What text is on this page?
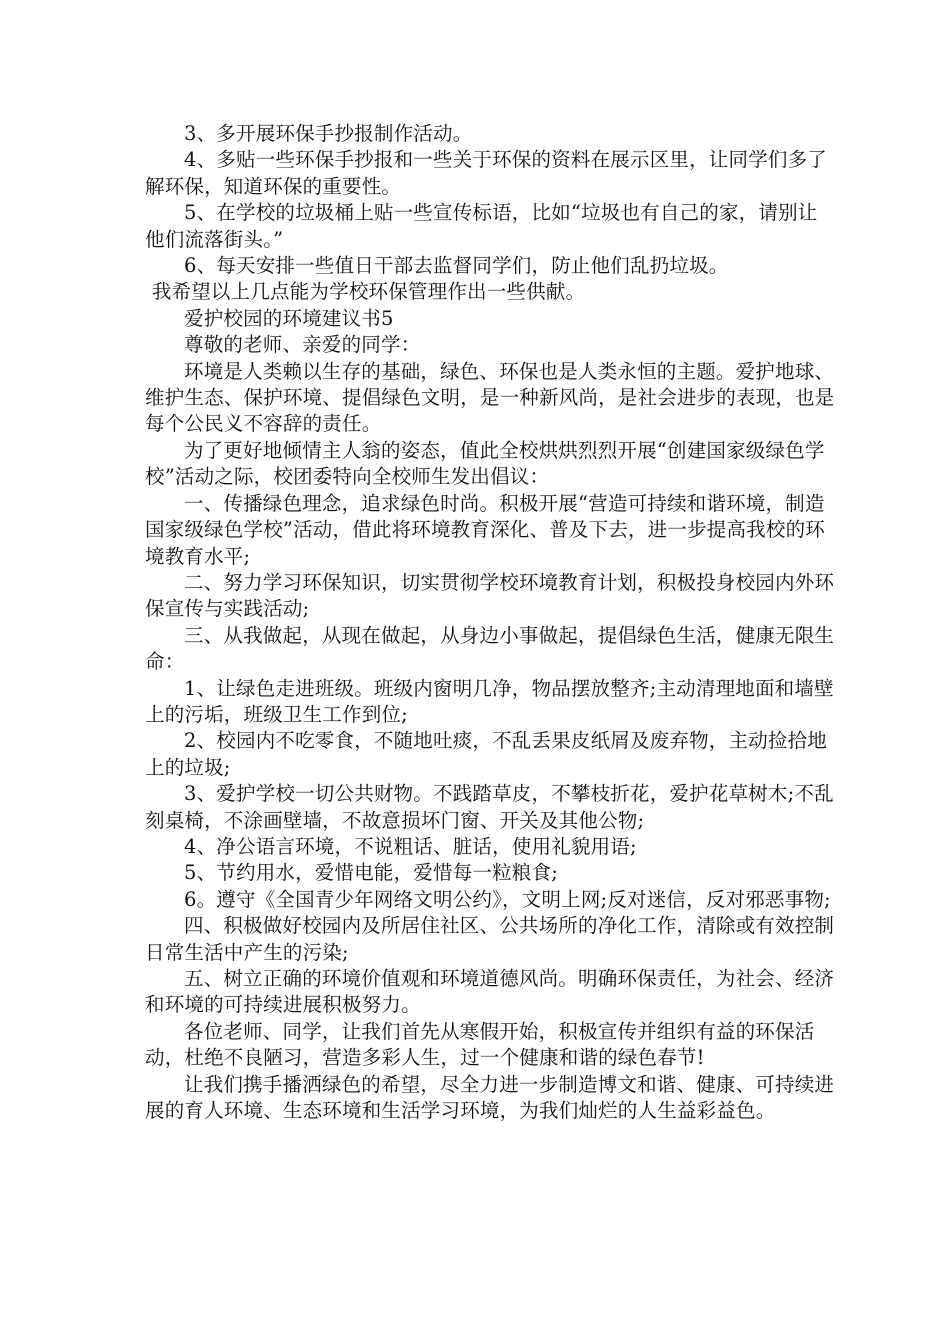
3、多开展环保手抄报制作活动。

4、多贴一些环保手抄报和一些关于环保的资料在展示区里，让同学们多了解环保，知道环保的重要性。

5、在学校的垃圾桶上贴一些宣传标语，比如“垃圾也有自己的家，请别让他们流落街头。”

6、每天安排一些值日干部去监督同学们，防止他们乱扔垃圾。

我希望以上几点能为学校环保管理作出一些供献。

爱护校园的环境建议书5

尊敬的老师、亲爱的同学：

环境是人类赖以生存的基础，绿色、环保也是人类永恒的主题。爱护地球、维护生态、保护环境、提倡绿色文明，是一种新风尚，是社会进步的表现，也是每个公民义不容辞的责任。

为了更好地倾情主人翁的姿态，值此全校烘烘烈烈开展“创建国家级绿色学校”活动之际，校团委特向全校师生发出倡议：

一、传播绿色理念，追求绿色时尚。积极开展“营造可持续和谐环境，制造国家级绿色学校”活动，借此将环境教育深化、普及下去，进一步提高我校的环境教育水平;

二、努力学习环保知识，切实贯彻学校环境教育计划，积极投身校园内外环保宣传与实践活动;

三、从我做起，从现在做起，从身边小事做起，提倡绿色生活，健康无限生命：

1、让绿色走进班级。班级内窗明几净，物品摆放整齐;主动清理地面和墙壁上的污垢，班级卫生工作到位;

2、校园内不吃零食，不随地吐痰，不乱丢果皮纸屑及废弃物，主动捡拾地上的垃圾;

3、爱护学校一切公共财物。不践踏草皮，不攀枝折花，爱护花草树木;不乱刻桌椅，不涂画壁墙，不故意损坏门窗、开关及其他公物;

4、净公语言环境，不说粗话、脏话，使用礼貌用语;

5、节约用水，爱惜电能，爱惜每一粒粮食;

6。遵守《全国青少年网络文明公约》，文明上网;反对迷信，反对邪恶事物;

四、积极做好校园内及所居住社区、公共场所的净化工作，清除或有效控制日常生活中产生的污染;

五、树立正确的环境价值观和环境道德风尚。明确环保责任，为社会、经济和环境的可持续进展积极努力。

各位老师、同学，让我们首先从寒假开始，积极宣传并组织有益的环保活动，杜绝不良陋习，营造多彩人生，过一个健康和谐的绿色春节!

让我们携手播洒绿色的希望，尽全力进一步制造博文和谐、健康、可持续进展的育人环境、生态环境和生活学习环境，为我们灿烂的人生益彩益色。
